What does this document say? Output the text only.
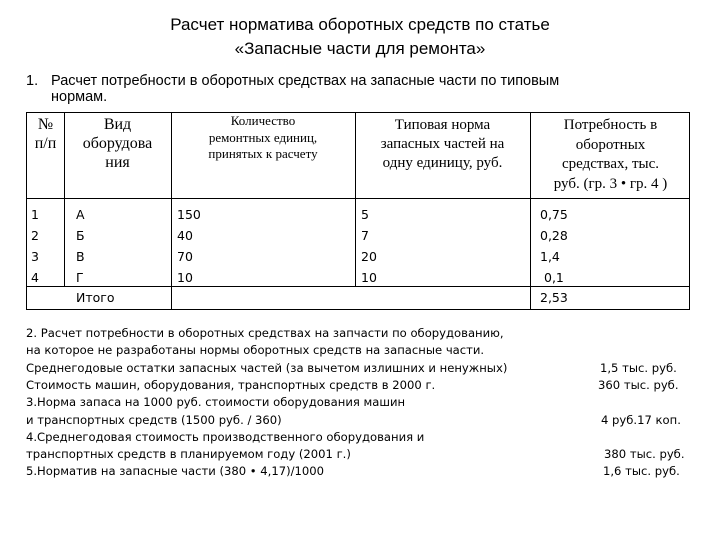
Расчет норматива оборотных средств по статье
«Запасные части для ремонта»
1. Расчет потребности в оборотных средствах на запасные части по типовым
нормам.
№
п/п
Вид
оборудова
ния
Количество
ремонтных единиц,
принятых к расчету
Типовая норма
запасных частей на
одну единицу, руб.
Потребность в
оборотных
средствах, тыс.
руб. (гр. 3 • гр. 4 )
1
2
3
4
А
Б
В
Г
150
40
70
10
5
7
20
10
0,75
0,28
1,4
0,1
Итого	2,53
2. Расчет потребности в оборотных средствах на запчасти по оборудованию,
на которое не разработаны нормы оборотных средств на запасные части.
Среднегодовые остатки запасных частей (за вычетом излишних и ненужных)
Стоимость машин, оборудования, транспортных средств в 2000 г.
3.Норма запаса на 1000 руб. стоимости оборудования машин
и транспортных средств (1500 руб. / 360)
4.Среднегодовая стоимость производственного оборудования и
транспортных средств в планируемом году (2001 г.)
5.Норматив на запасные части (380 • 4,17)/1000
1,5 тыс. руб.
360 тыс. руб.
4 руб.17 коп.
380 тыс. руб.
1,6 тыс. руб.
